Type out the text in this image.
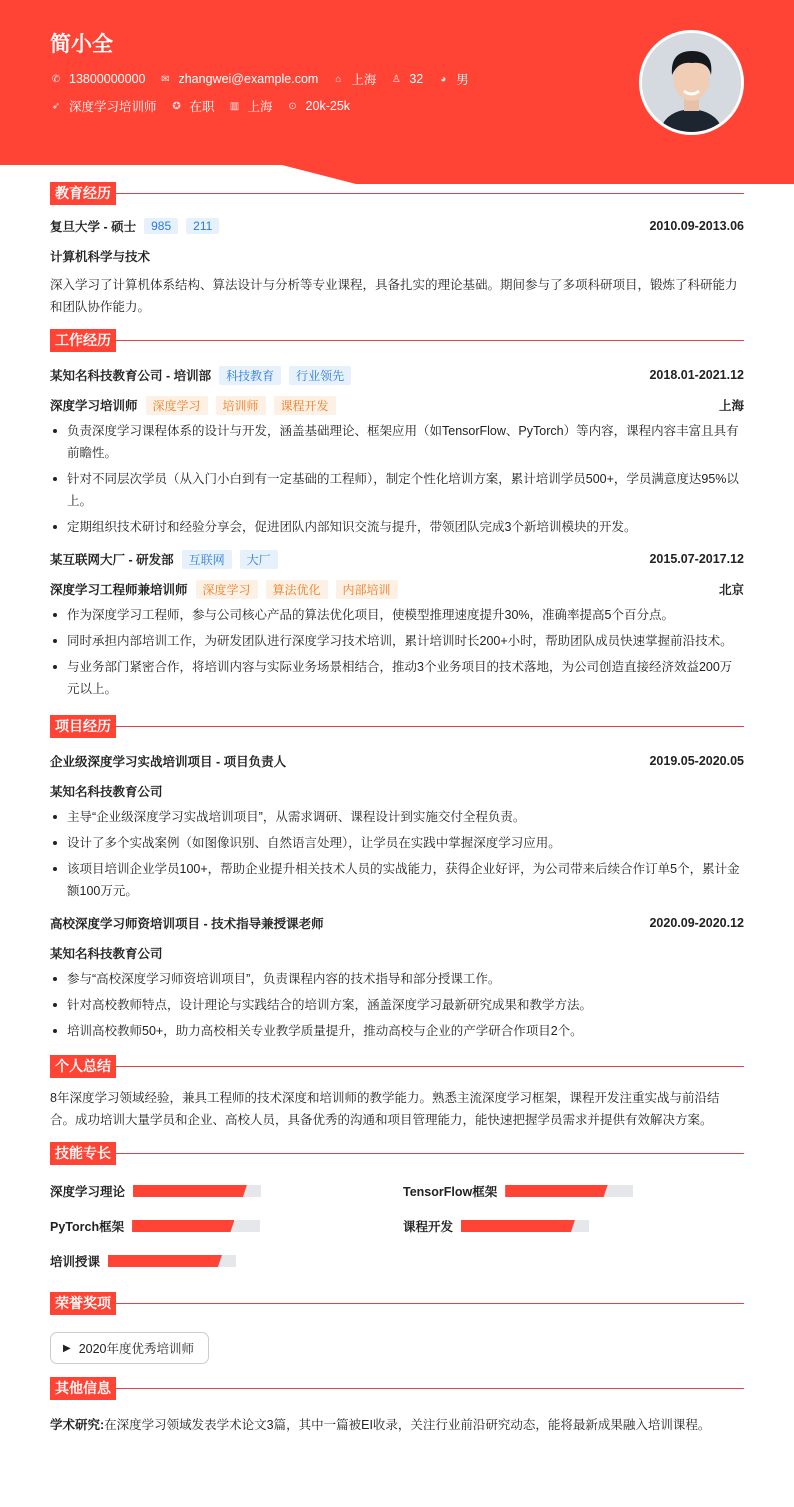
简小全
✆ 13800000000 ✉ zhangwei@example.com ⌂ 上海 ♙ 32 ◕ 男
➶ 深度学习培训师 ✪ 在职 ▥ 上海 ⊙ 20k-25k
教育经历
复旦大学 - 硕士	985	211	2010.09-2013.06
计算机科学与技术
深入学习了计算机体系结构、算法设计与分析等专业课程，具备扎实的理论基础。期间参与了多项科研项目，锻炼了科研能力和团队协作能力。
工作经历
某知名科技教育公司 - 培训部	科技教育	行业领先	2018.01-2021.12
深度学习培训师	深度学习	培训师	课程开发	上海
负责深度学习课程体系的设计与开发，涵盖基础理论、框架应用（如TensorFlow、PyTorch）等内容，课程内容丰富且具有前瞻性。
针对不同层次学员（从入门小白到有一定基础的工程师），制定个性化培训方案，累计培训学员500+，学员满意度达95%以上。
定期组织技术研讨和经验分享会，促进团队内部知识交流与提升，带领团队完成3个新培训模块的开发。
某互联网大厂 - 研发部	互联网	大厂	2015.07-2017.12
深度学习工程师兼培训师	深度学习	算法优化	内部培训	北京
作为深度学习工程师，参与公司核心产品的算法优化项目，使模型推理速度提升30%，准确率提高5个百分点。
同时承担内部培训工作，为研发团队进行深度学习技术培训，累计培训时长200+小时，帮助团队成员快速掌握前沿技术。
与业务部门紧密合作，将培训内容与实际业务场景相结合，推动3个业务项目的技术落地，为公司创造直接经济效益200万元以上。
项目经历
企业级深度学习实战培训项目 - 项目负责人	2019.05-2020.05
某知名科技教育公司
主导“企业级深度学习实战培训项目”，从需求调研、课程设计到实施交付全程负责。
设计了多个实战案例（如图像识别、自然语言处理），让学员在实践中掌握深度学习应用。
该项目培训企业学员100+，帮助企业提升相关技术人员的实战能力，获得企业好评，为公司带来后续合作订单5个，累计金额100万元。
高校深度学习师资培训项目 - 技术指导兼授课老师	2020.09-2020.12
某知名科技教育公司
参与“高校深度学习师资培训项目”，负责课程内容的技术指导和部分授课工作。
针对高校教师特点，设计理论与实践结合的培训方案，涵盖深度学习最新研究成果和教学方法。
培训高校教师50+，助力高校相关专业教学质量提升，推动高校与企业的产学研合作项目2个。
个人总结
8年深度学习领域经验，兼具工程师的技术深度和培训师的教学能力。熟悉主流深度学习框架，课程开发注重实战与前沿结合。成功培训大量学员和企业、高校人员，具备优秀的沟通和项目管理能力，能快速把握学员需求并提供有效解决方案。
技能专长
深度学习理论	TensorFlow框架
PyTorch框架	课程开发
培训授课
荣誉奖项
▶ 2020年度优秀培训师
其他信息
学术研究:在深度学习领域发表学术论文3篇，其中一篇被EI收录，关注行业前沿研究动态，能将最新成果融入培训课程。
